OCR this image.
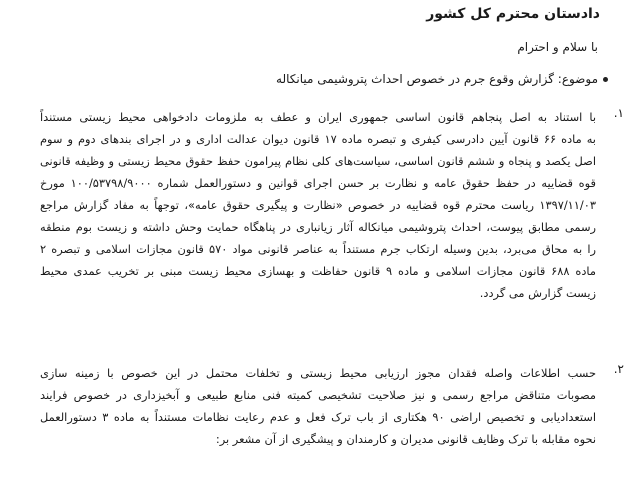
دادستان محترم کل کشور

با سلام و احترام

موضوع: گزارش وقوع جرم در خصوص احداث پتروشیمی میانکاله

۱.
با استناد به اصل پنجاهم قانون اساسی جمهوری ایران و عطف به ملزومات دادخواهی محیط زیستی مستنداً
به ماده ۶۶ قانون آیین دادرسی کیفری و تبصره ماده ۱۷ قانون دیوان عدالت اداری و در اجرای بندهای دوم و سوم
اصل یکصد و پنجاه و ششم قانون اساسی، سیاست‌های کلی نظام پیرامون حفظ حقوق محیط زیستی و وظیفه قانونی
قوه قضاییه در حفظ حقوق عامه و نظارت بر حسن اجرای قوانین و دستورالعمل شماره ۱۰۰/۵۳۷۹۸/۹۰۰۰ مورخ
۱۳۹۷/۱۱/۰۳ ریاست محترم قوه قضاییه در خصوص «نظارت و پیگیری حقوق عامه»، توجهاً به مفاد گزارش مراجع
رسمی مطابق پیوست، احداث پتروشیمی میانکاله آثار زیانباری در پناهگاه حمایت وحش داشته و زیست بوم منطقه
را به محاق می‌برد، بدین وسیله ارتکاب جرم مستنداً به عناصر قانونی مواد ۵۷۰ قانون مجازات اسلامی و تبصره ۲
ماده ۶۸۸ قانون مجازات اسلامی و ماده ۹ قانون حفاظت و بهسازی محیط زیست مبنی بر تخریب عمدی محیط
زیست گزارش می گردد.
۲.
حسب اطلاعات واصله فقدان مجوز ارزیابی محیط زیستی و تخلفات محتمل در این خصوص با زمینه سازی
مصوبات متناقض مراجع رسمی و نیز صلاحیت تشخیصی کمیته فنی منابع طبیعی و آبخیزداری در خصوص فرایند
استعدادیابی و تخصیص اراضی ۹۰ هکتاری از باب ترک فعل و عدم رعایت نظامات مستنداً به ماده ۳ دستورالعمل
نحوه مقابله با ترک وظایف قانونی مدیران و کارمندان و پیشگیری از آن مشعر بر:
